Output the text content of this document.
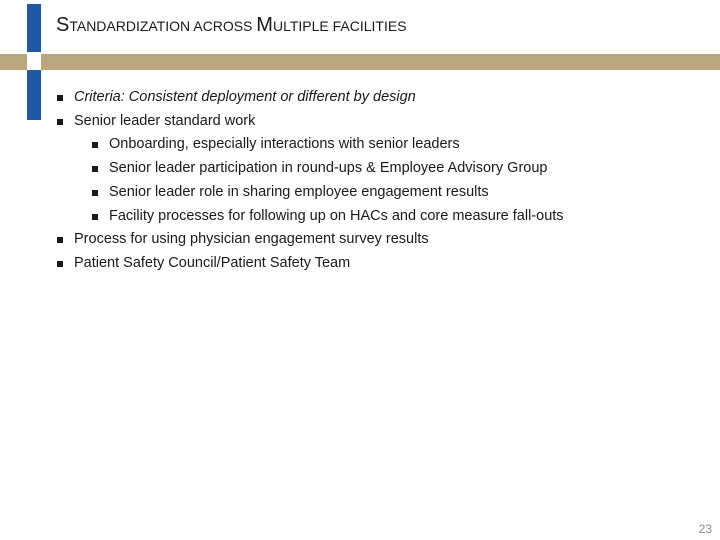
STANDARDIZATION ACROSS MULTIPLE FACILITIES
Criteria: Consistent deployment or different by design
Senior leader standard work
Onboarding, especially interactions with senior leaders
Senior leader participation in round-ups & Employee Advisory Group
Senior leader role in sharing employee engagement results
Facility processes for following up on HACs and core measure fall-outs
Process for using physician engagement survey results
Patient Safety Council/Patient Safety Team
23
